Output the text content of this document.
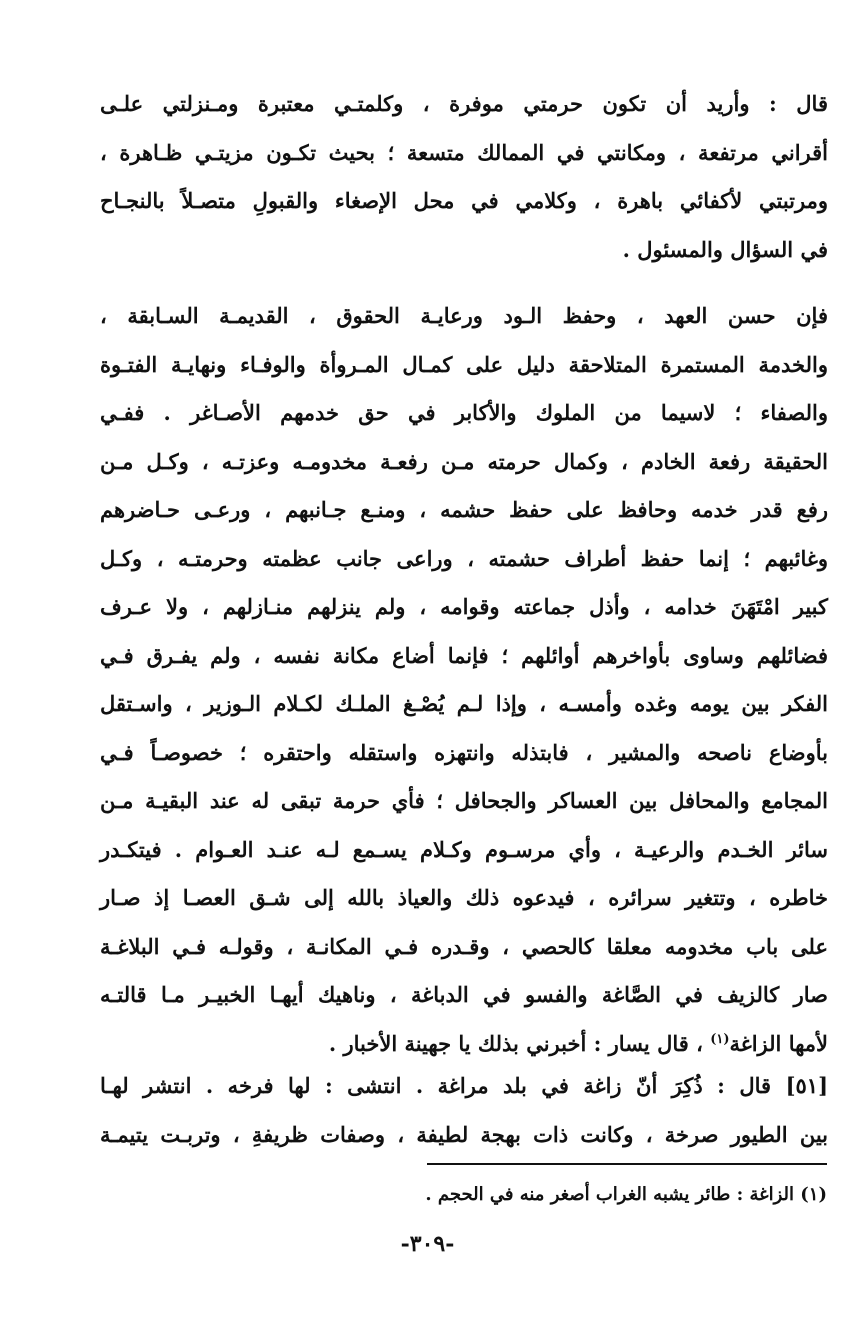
قال : وأريد أن تكون حرمتي موفرة ، وكلمتـي معتبرة ومـنزلتي علـى
أقراني مرتفعة ، ومكانتي في الممالك متسعة ؛ بحيث تكـون مزيتـي ظـاهرة ،
ومرتبتي لأكفائي باهرة ، وكلامي في محل الإصغاء والقبولِ متصـلاً بالنجـاح
في السؤال والمسئول .
فإن حسن العهد ، وحفظ الـود ورعايـة الحقوق ، القديمـة السـابقة ،
والخدمة المستمرة المتلاحقة دليل على كمـال المـروأة والوفـاء ونهايـة الفتـوة
والصفاء ؛ لاسيما من الملوك والأكابر في حق خدمهم الأصـاغر . ففـي
الحقيقة رفعة الخادم ، وكمال حرمته مـن رفعـة مخدومـه وعزتـه ، وكـل مـن
رفع قدر خدمه وحافظ على حفظ حشمه ، ومنـع جـانبهم ، ورعـى حـاضرهم
وغائبهم ؛ إنما حفظ أطراف حشمته ، وراعى جانب عظمته وحرمتـه ، وكـل
كبير امْتَهَنَ خدامه ، وأذل جماعته وقوامه ، ولم ينزلهم منـازلهم ، ولا عـرف
فضائلهم وساوى بأواخرهم أوائلهم ؛ فإنما أضاع مكانة نفسه ، ولم يفـرق فـي
الفكر بين يومه وغده وأمسـه ، وإذا لـم يُصْـغ الملـك لكـلام الـوزير ، واسـتقل
بأوضاع ناصحه والمشير ، فابتذله وانتهزه واستقله واحتقره ؛ خصوصـاً فـي
المجامع والمحافل بين العساكر والجحافل ؛ فأي حرمة تبقى له عند البقيـة مـن
سائر الخـدم والرعيـة ، وأي مرسـوم وكـلام يسـمع لـه عنـد العـوام . فيتكـدر
خاطره ، وتتغير سرائره ، فيدعوه ذلك والعياذ بالله إلى شـق العصـا إذ صـار
على باب مخدومه معلقا كالحصي ، وقـدره فـي المكانـة ، وقولـه فـي البلاغـة
صار كالزيف في الصَّاغة والفسو في الدباغة ، وناهيك أيهـا الخبيـر مـا قالتـه
لأمها الزاغة$^{(١)}$ ، قال يسار : أخبرني بذلك يا جهينة الأخبار .
[٥١] قال : ذُكِرَ أنّ زاغة في بلد مراغة . انتشى : لها فرخه . انتشر لهـا
بين الطيور صرخة ، وكانت ذات بهجة لطيفة ، وصفات ظريفةِ ، وتربـت يتيمـة
(١) الزاغة : طائر يشبه الغراب أصغر منه في الحجم .
-٣٠٩-
